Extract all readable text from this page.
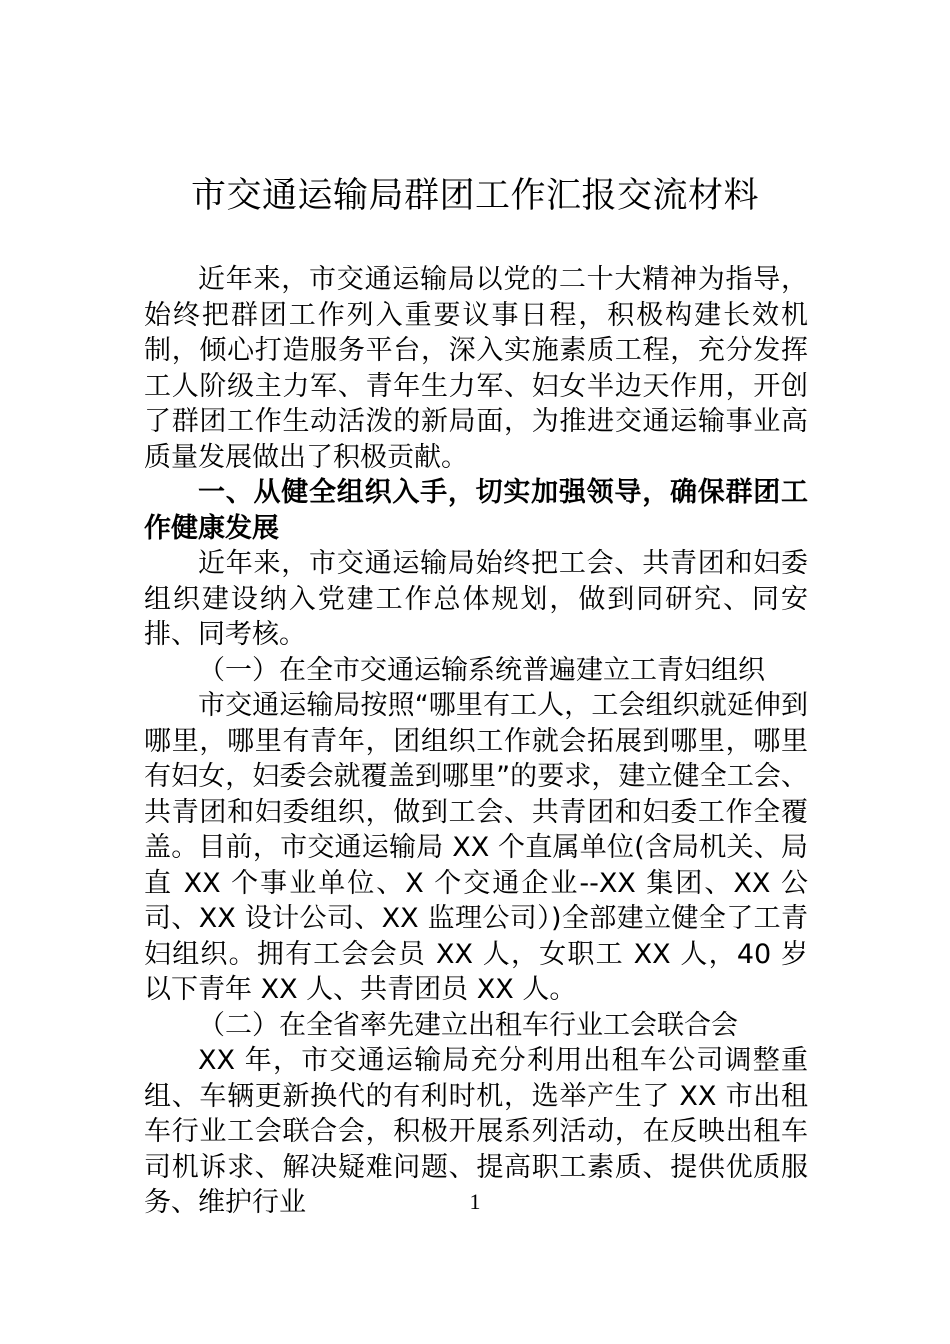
市交通运输局群团工作汇报交流材料

近年来，市交通运输局以党的二十大精神为指导，始终把群团工作列入重要议事日程，积极构建长效机制，倾心打造服务平台，深入实施素质工程，充分发挥工人阶级主力军、青年生力军、妇女半边天作用，开创了群团工作生动活泼的新局面，为推进交通运输事业高质量发展做出了积极贡献。

一、从健全组织入手，切实加强领导，确保群团工作健康发展

近年来，市交通运输局始终把工会、共青团和妇委组织建设纳入党建工作总体规划，做到同研究、同安排、同考核。

（一）在全市交通运输系统普遍建立工青妇组织

市交通运输局按照“哪里有工人，工会组织就延伸到哪里，哪里有青年，团组织工作就会拓展到哪里，哪里有妇女，妇委会就覆盖到哪里”的要求，建立健全工会、共青团和妇委组织，做到工会、共青团和妇委工作全覆盖。目前，市交通运输局 XX 个直属单位(含局机关、局直 XX 个事业单位、X 个交通企业--XX 集团、XX 公司、XX 设计公司、XX 监理公司）)全部建立健全了工青妇组织。拥有工会会员 XX 人，女职工 XX 人，40 岁以下青年 XX 人、共青团员 XX 人。

（二）在全省率先建立出租车行业工会联合会

XX 年，市交通运输局充分利用出租车公司调整重组、车辆更新换代的有利时机，选举产生了 XX 市出租车行业工会联合会，积极开展系列活动，在反映出租车司机诉求、解决疑难问题、提高职工素质、提供优质服务、维护行业	1
